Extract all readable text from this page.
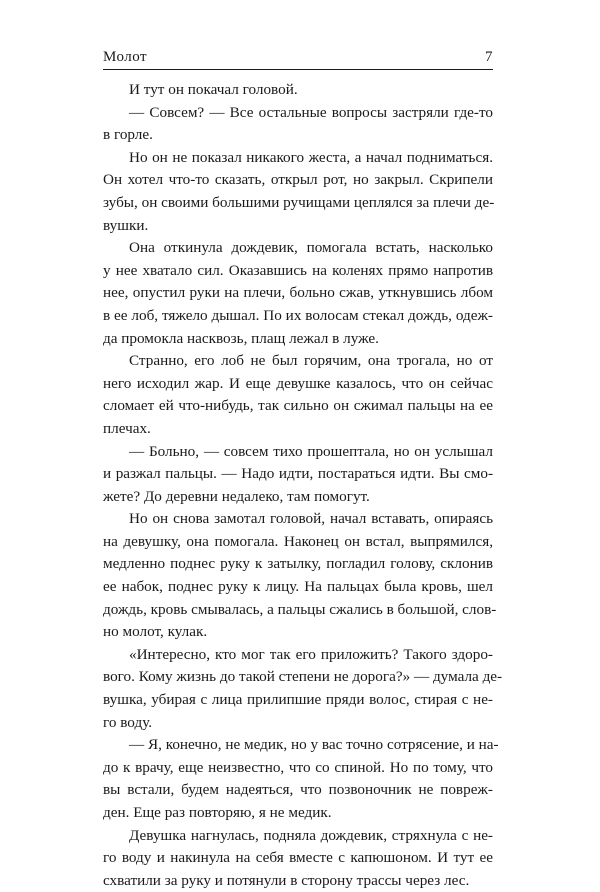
Молот	7
И тут он покачал головой.
— Совсем? — Все остальные вопросы застряли где-то
в горле.
Но он не показал никакого жеста, а начал подниматься.
Он хотел что-то сказать, открыл рот, но закрыл. Скрипели
зубы, он своими большими ручищами цеплялся за плечи де-
вушки.
Она откинула дождевик, помогала встать, насколько
у нее хватало сил. Оказавшись на коленях прямо напротив
нее, опустил руки на плечи, больно сжав, уткнувшись лбом
в ее лоб, тяжело дышал. По их волосам стекал дождь, одеж-
да промокла насквозь, плащ лежал в луже.
Странно, его лоб не был горячим, она трогала, но от
него исходил жар. И еще девушке казалось, что он сейчас
сломает ей что-нибудь, так сильно он сжимал пальцы на ее
плечах.
— Больно, — совсем тихо прошептала, но он услышал
и разжал пальцы. — Надо идти, постараться идти. Вы смо-
жете? До деревни недалеко, там помогут.
Но он снова замотал головой, начал вставать, опираясь
на девушку, она помогала. Наконец он встал, выпрямился,
медленно поднес руку к затылку, погладил голову, склонив
ее набок, поднес руку к лицу. На пальцах была кровь, шел
дождь, кровь смывалась, а пальцы сжались в большой, слов-
но молот, кулак.
«Интересно, кто мог так его приложить? Такого здоро-
вого. Кому жизнь до такой степени не дорога?» — думала де-
вушка, убирая с лица прилипшие пряди волос, стирая с не-
го воду.
— Я, конечно, не медик, но у вас точно сотрясение, и на-
до к врачу, еще неизвестно, что со спиной. Но по тому, что
вы встали, будем надеяться, что позвоночник не повреж-
ден. Еще раз повторяю, я не медик.
Девушка нагнулась, подняла дождевик, стряхнула с не-
го воду и накинула на себя вместе с капюшоном. И тут ее
схватили за руку и потянули в сторону трассы через лес.
